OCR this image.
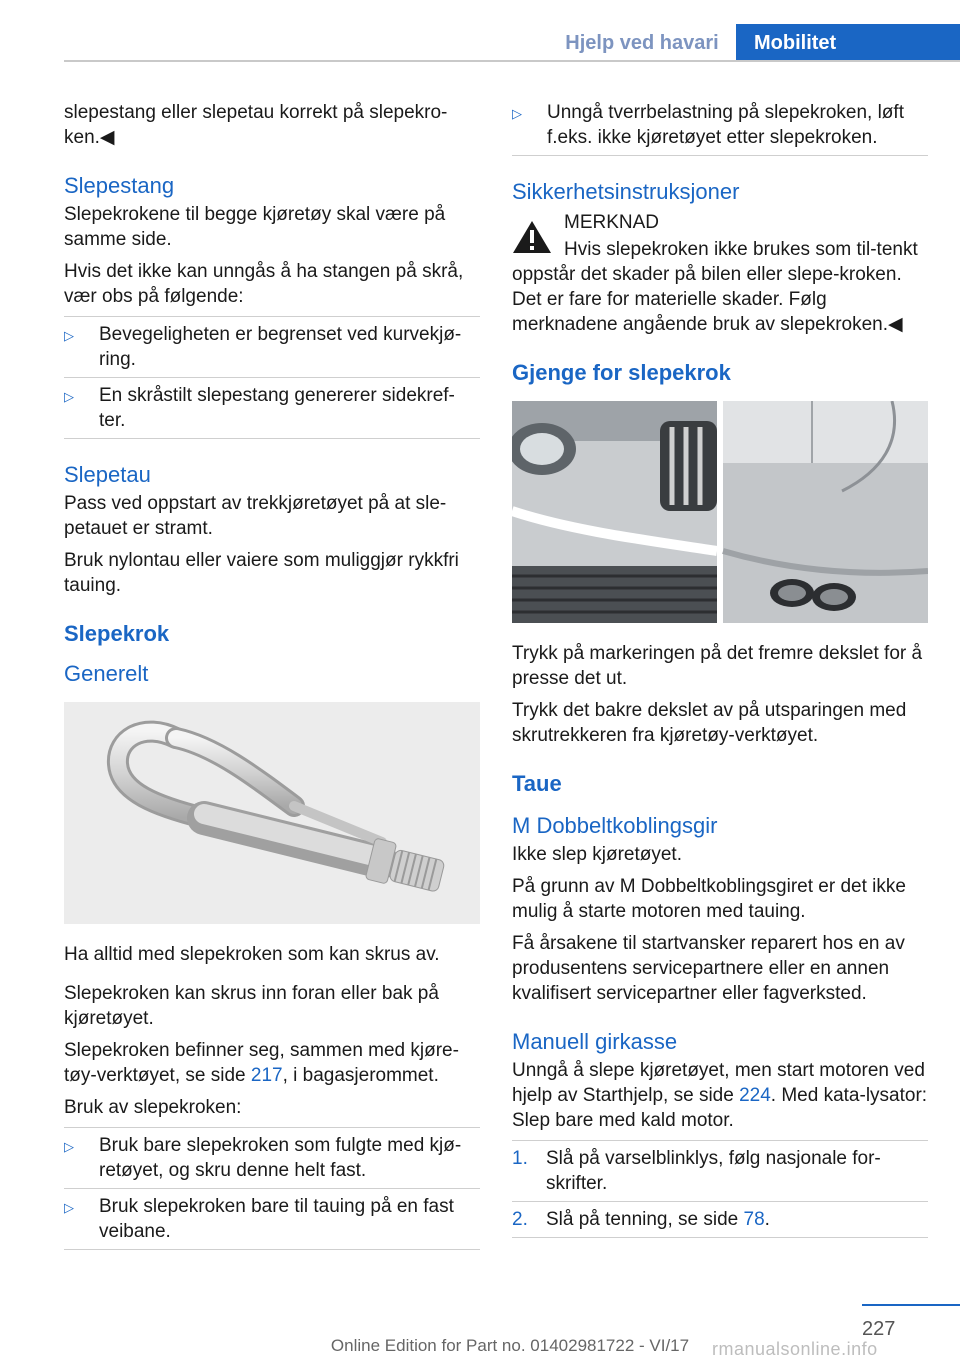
Hjelp ved havari	Mobilitet

slepestang eller slepetau korrekt på slepekro‐ken.◀

Slepestang

Slepekrokene til begge kjøretøy skal være på samme side.

Hvis det ikke kan unngås å ha stangen på skrå, vær obs på følgende:

▷ Bevegeligheten er begrenset ved kurvekjø‐ring.
▷ En skråstilt slepestang genererer sidekref‐ter.
Slepetau

Pass ved oppstart av trekkjøretøyet på at sle‐petauet er stramt.

Bruk nylontau eller vaiere som muliggjør rykkfri tauing.

Slepekrok
Generelt

Ha alltid med slepekroken som kan skrus av.

Slepekroken kan skrus inn foran eller bak på kjøretøyet.

Slepekroken befinner seg, sammen med kjøre‐tøy-verktøyet, se side 217, i bagasjerommet.

Bruk av slepekroken:

▷ Bruk bare slepekroken som fulgte med kjø‐retøyet, og skru denne helt fast.
▷ Bruk slepekroken bare til tauing på en fast veibane.
▷ Unngå tverrbelastning på slepekroken, løft f.eks. ikke kjøretøyet etter slepekroken.
Sikkerhetsinstruksjoner

MERKNAD

Hvis slepekroken ikke brukes som til‐tenkt oppstår det skader på bilen eller slepe‐kroken. Det er fare for materielle skader. Følg merknadene angående bruk av slepekroken.◀

Gjenge for slepekrok

Trykk på markeringen på det fremre dekslet for å presse det ut.

Trykk det bakre dekslet av på utsparingen med skrutrekkeren fra kjøretøy-verktøyet.

Taue
M Dobbeltkoblingsgir

Ikke slep kjøretøyet.

På grunn av M Dobbeltkoblingsgiret er det ikke mulig å starte motoren med tauing.

Få årsakene til startvansker reparert hos en av produsentens servicepartnere eller en annen kvalifisert servicepartner eller fagverksted.

Manuell girkasse

Unngå å slepe kjøretøyet, men start motoren ved hjelp av Starthjelp, se side 224. Med kata‐lysator: Slep bare med kald motor.

1. Slå på varselblinklys, følg nasjonale for‐skrifter.
2. Slå på tenning, se side 78.
227
Online Edition for Part no. 01402981722 - VI/17	rmanualsonline.info
